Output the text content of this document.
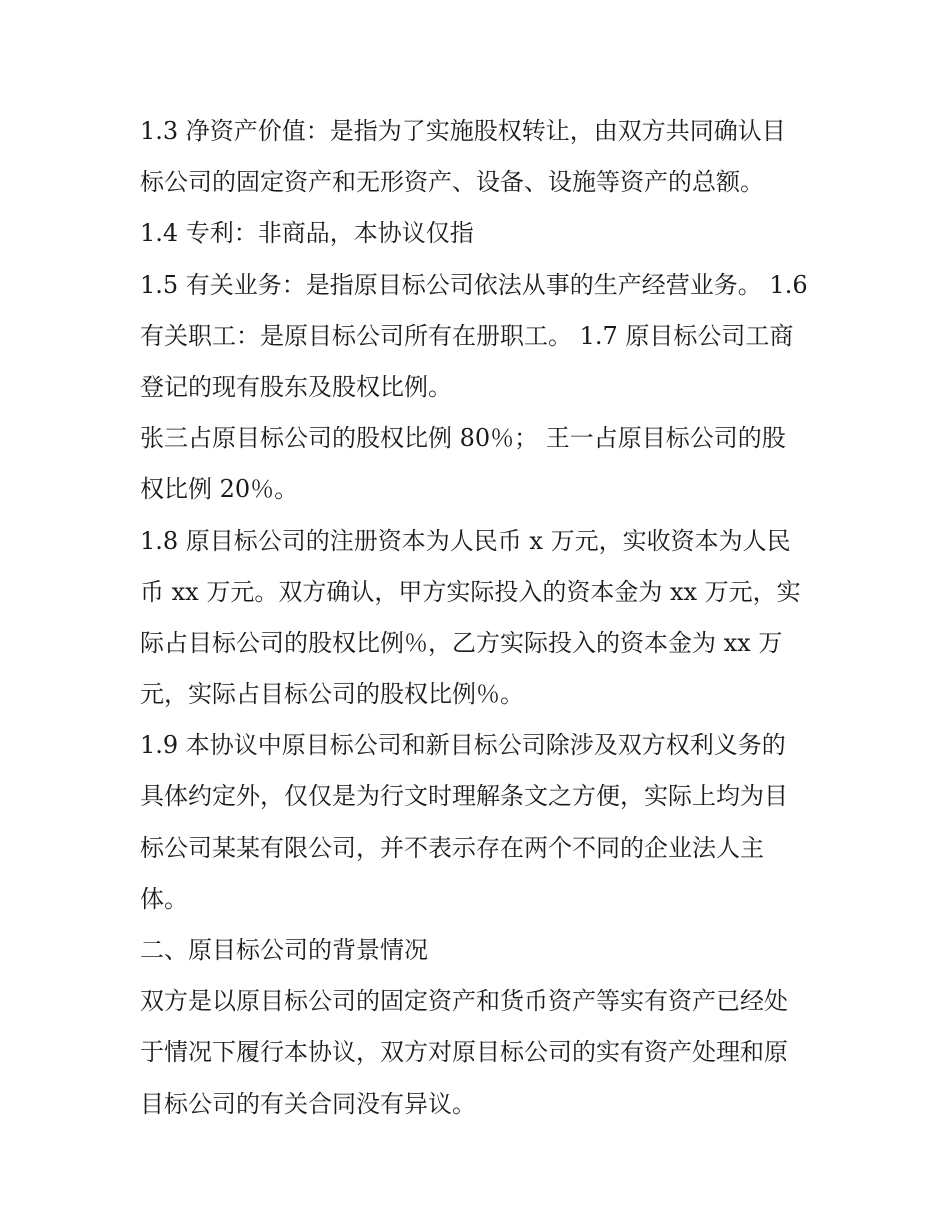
1.3 净资产价值：是指为了实施股权转让，由双方共同确认目
标公司的固定资产和无形资产、设备、设施等资产的总额。
1.4 专利：非商品，本协议仅指
1.5 有关业务：是指原目标公司依法从事的生产经营业务。 1.6
有关职工：是原目标公司所有在册职工。 1.7 原目标公司工商
登记的现有股东及股权比例。
张三占原目标公司的股权比例 80％； 王一占原目标公司的股
权比例 20％。
1.8 原目标公司的注册资本为人民币 x 万元，实收资本为人民
币 xx 万元。双方确认，甲方实际投入的资本金为 xx 万元，实
际占目标公司的股权比例％，乙方实际投入的资本金为 xx 万
元，实际占目标公司的股权比例％。
1.9 本协议中原目标公司和新目标公司除涉及双方权利义务的
具体约定外，仅仅是为行文时理解条文之方便，实际上均为目
标公司某某有限公司，并不表示存在两个不同的企业法人主
体。
二、原目标公司的背景情况
双方是以原目标公司的固定资产和货币资产等实有资产已经处
于情况下履行本协议，双方对原目标公司的实有资产处理和原
目标公司的有关合同没有异议。
